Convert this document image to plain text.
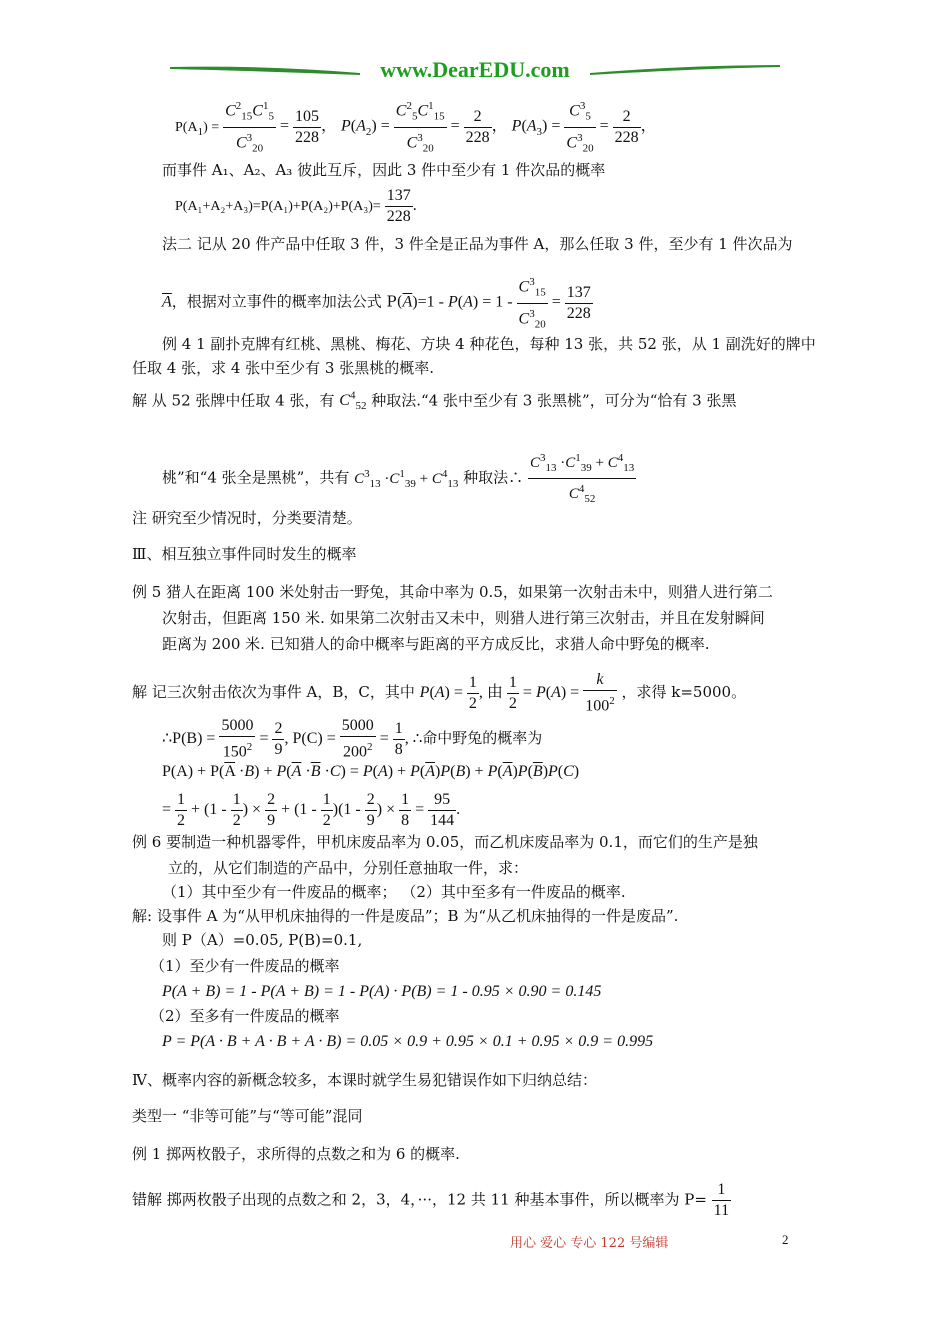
www.DearEDU.com
$P(A_1) = \frac{C^2_{15}C^1_5}{C^3_{20}} = \frac{105}{228}$ ， $P(A_2) = \frac{C^2_5C^1_{15}}{C^3_{20}} = \frac{2}{228}$ ， $P(A_3) = \frac{C^3_5}{C^3_{20}} = \frac{2}{228}$ ，
而事件 A₁、A₂、A₃ 彼此互斥，因此 3 件中至少有 1 件次品的概率
$P(A_1+A_2+A_3)=P(A_1)+P(A_2)+P(A_3)= \frac{137}{228}$ .
法二 记从 20 件产品中任取 3 件，3 件全是正品为事件 A，那么任取 3 件，至少有 1 件次品为
$\overline{A}$，根据对立事件的概率加法公式 $P(\overline{A})=1 - P(A) = 1 - \frac{C^3_{15}}{C^3_{20}} = \frac{137}{228}$
例 4 1 副扑克牌有红桃、黑桃、梅花、方块 4 种花色，每种 13 张，共 52 张，从 1 副洗好的牌中
任取 4 张，求 4 张中至少有 3 张黑桃的概率.
解 从 52 张牌中任取 4 张，有 $C^4_{52}$ 种取法.“4 张中至少有 3 张黑桃”，可分为“恰有 3 张黑
桃”和“4 张全是黑桃”，共有 $C^3_{13} \cdot C^1_{39} + C^4_{13}$ 种取法∴ $\frac{C^3_{13} \cdot C^1_{39} + C^4_{13}}{C^4_{52}}$
注 研究至少情况时，分类要清楚。
Ⅲ、相互独立事件同时发生的概率
例 5 猎人在距离 100 米处射击一野兔，其命中率为 0.5，如果第一次射击未中，则猎人进行第二
次射击，但距离 150 米. 如果第二次射击又未中，则猎人进行第三次射击，并且在发射瞬间
距离为 200 米. 已知猎人的命中概率与距离的平方成反比，求猎人命中野兔的概率.
解 记三次射击依次为事件 A，B，C，其中 $P(A) = \frac{1}{2}$ , 由 $\frac{1}{2} = P(A) = \frac{k}{100^2}$ ，求得 k=5000。
∴P(B) = $\frac{5000}{150^2} = \frac{2}{9}$ , $P(C) = \frac{5000}{200^2} = \frac{1}{8}$ , ∴命中野兔的概率为
$P(A) + P(\overline{A} \cdot B) + P(\overline{A} \cdot\overline{B} \cdot C) = P(A) + P(\overline{A})P(B) + P(\overline{A})P(\overline{B})P(C)$
= $\frac{1}{2} + (1 - \frac{1}{2}$ ) × $\frac{2}{9} + (1 - \frac{1}{2} )(1 - \frac{2}{9}$ ) × $\frac{1}{8} = \frac{95}{144}$ .
例 6 要制造一种机器零件，甲机床废品率为 0.05，而乙机床废品率为 0.1，而它们的生产是独
立的，从它们制造的产品中，分别任意抽取一件，求：
（1）其中至少有一件废品的概率； （2）其中至多有一件废品的概率.
解: 设事件 A 为“从甲机床抽得的一件是废品”；B 为“从乙机床抽得的一件是废品”.
则 P（A）=0.05, P(B)=0.1,
（1）至少有一件废品的概率
P(A + B) = 1 - P(A + B) = 1 - P(A) · P(B) = 1 - 0.95 × 0.90 = 0.145
（2）至多有一件废品的概率
P = P(A · B + A · B + A · B) = 0.05 × 0.9 + 0.95 × 0.1 + 0.95 × 0.9 = 0.995
Ⅳ、概率内容的新概念较多，本课时就学生易犯错误作如下归纳总结：
类型一 “非等可能”与“等可能”混同
例 1 掷两枚骰子，求所得的点数之和为 6 的概率.
错解 掷两枚骰子出现的点数之和 2，3，4，···，12 共 11 种基本事件，所以概率为 $P= \frac{1}{11}$
用心 爱心 专心 122 号编辑	2
